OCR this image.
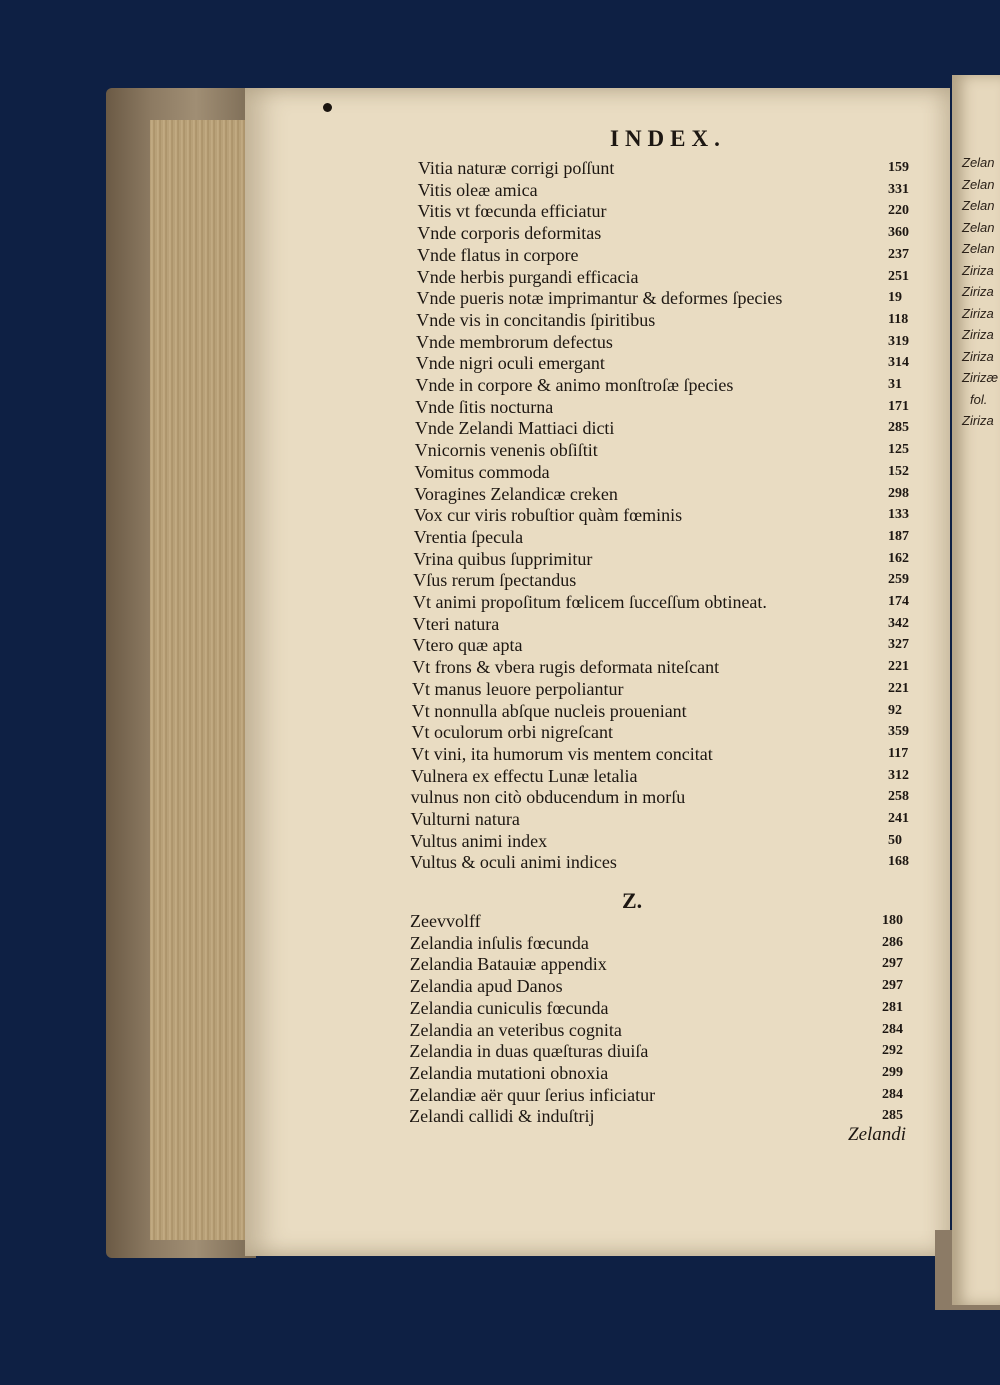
Zelan
Zelan
Zelan
Zelan
Zelan
Ziriza
Ziriza
Ziriza
Ziriza
Ziriza
Zirizæ
fol.
Ziriza
INDEX.
Vitia naturæ corrigi poſſunt	159
Vitis oleæ amica	331
Vitis vt fœcunda efficiatur	220
Vnde corporis deformitas	360
Vnde flatus in corpore	237
Vnde herbis purgandi efficacia	251
Vnde pueris notæ imprimantur & deformes ſpecies	19
Vnde vis in concitandis ſpiritibus	118
Vnde membrorum defectus	319
Vnde nigri oculi emergant	314
Vnde in corpore & animo monſtroſæ ſpecies	31
Vnde ſitis nocturna	171
Vnde Zelandi Mattiaci dicti	285
Vnicornis venenis obſiſtit	125
Vomitus commoda	152
Voragines Zelandicæ creken	298
Vox cur viris robuſtior quàm fœminis	133
Vrentia ſpecula	187
Vrina quibus ſupprimitur	162
Vſus rerum ſpectandus	259
Vt animi propoſitum fœlicem ſucceſſum obtineat.	174
Vteri natura	342
Vtero quæ apta	327
Vt frons & vbera rugis deformata niteſcant	221
Vt manus leuore perpoliantur	221
Vt nonnulla abſque nucleis proueniant	92
Vt oculorum orbi nigreſcant	359
Vt vini, ita humorum vis mentem concitat	117
Vulnera ex effectu Lunæ letalia	312
vulnus non citò obducendum in morſu	258
Vulturni natura	241
Vultus animi index	50
Vultus & oculi animi indices	168
Zeevvolff	180
Zelandia inſulis fœcunda	286
Zelandia Batauiæ appendix	297
Zelandia apud Danos	297
Zelandia cuniculis fœcunda	281
Zelandia an veteribus cognita	284
Zelandia in duas quæſturas diuiſa	292
Zelandia mutationi obnoxia	299
Zelandiæ aër quur ſerius inficiatur	284
Zelandi callidi & induſtrij	285
Z.
Zelandi
